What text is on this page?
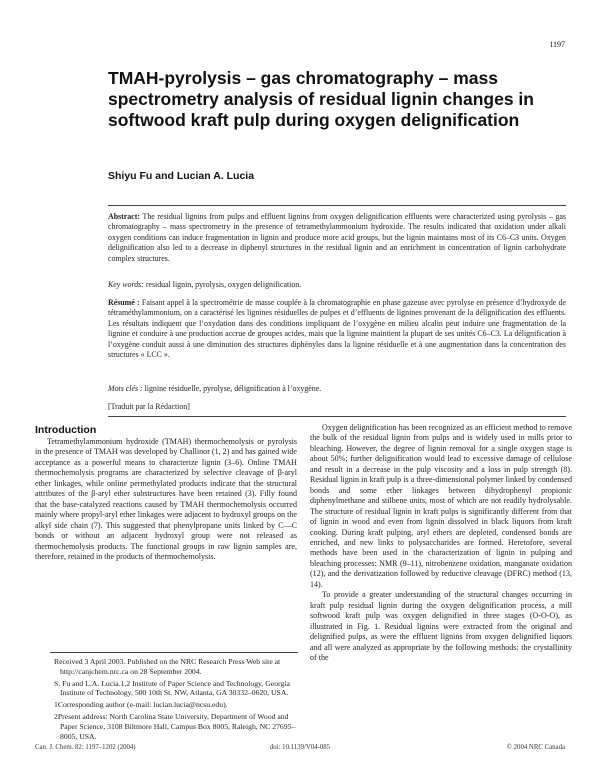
1197
TMAH-pyrolysis – gas chromatography – mass spectrometry analysis of residual lignin changes in softwood kraft pulp during oxygen delignification
Shiyu Fu and Lucian A. Lucia
Abstract: The residual lignins from pulps and effluent lignins from oxygen delignification effluents were characterized using pyrolysis – gas chromatography – mass spectrometry in the presence of tetramethylammonium hydroxide. The results indicated that oxidation under alkali oxygen conditions can induce fragmentation in lignin and produce more acid groups, but the lignin maintains most of its C6–C3 units. Oxygen delignification also led to a decrease in diphenyl structures in the residual lignin and an enrichment in concentration of lignin carbohydrate complex structures.
Key words: residual lignin, pyrolysis, oxygen delignification.
Résumé : Faisant appel à la spectrométrie de masse couplée à la chromatographie en phase gazeuse avec pyrolyse en présence d’hydroxyde de tétraméthylammonium, on a caractérisé les lignines résiduelles de pulpes et d’effluents de lignines provenant de la délignification des effluents. Les résultats indiquent que l’oxydation dans des conditions impliquant de l’oxygène en milieu alcalin peut induire une fragmentation de la lignine et conduire à une production accrue de groupes acides, mais que la lignine maintient la plupart de ses unités C6–C3. La délignification à l’oxygène conduit aussi à une diminution des structures diphényles dans la lignine résiduelle et à une augmentation dans la concentration des structures « LCC ».
Mots clés : lignine résiduelle, pyrolyse, délignification à l’oxygène.
[Traduit par la Rédaction]
Introduction

Tetramethylammonium hydroxide (TMAH) thermochemolysis or pyrolysis in the presence of TMAH was developed by Challinor (1, 2) and has gained wide acceptance as a powerful means to characterize lignin (3–6). Online TMAH thermochemolysis programs are characterized by selective cleavage of β-aryl ether linkages, while online permethylated products indicate that the structural attributes of the β-aryl ether substructures have been retained (3). Filly found that the base-catalyzed reactions caused by TMAH thermochemolysis occurred mainly where propyl-aryl ether linkages were adjacent to hydroxyl groups on the alkyl side chain (7). This suggested that phenylpropane units linked by C—C bonds or without an adjacent hydroxyl group were not released as thermochemolysis products. The functional groups in raw lignin samples are, therefore, retained in the products of thermochemolysis.

Oxygen delignification has been recognized as an efficient method to remove the bulk of the residual lignin from pulps and is widely used in mills prior to bleaching. However, the degree of lignin removal for a single oxygen stage is about 50%; further delignification would lead to excessive damage of cellulose and result in a decrease in the pulp viscosity and a loss in pulp strength (8). Residual lignin in kraft pulp is a three-dimensional polymer linked by condensed bonds and some ether linkages between dihydrophenyl propionic diphenylmethane and stilbene units, most of which are not readily hydrolysable. The structure of residual lignin in kraft pulps is significantly different from that of lignin in wood and even from lignin dissolved in black liquors from kraft cooking. During kraft pulping, aryl ethers are depleted, condensed bonds are enriched, and new links to polysaccharides are formed. Heretofore, several methods have been used in the characterization of lignin in pulping and bleaching processes: NMR (9–11), nitrobenzene oxidation, manganate oxidation (12), and the derivatization followed by reductive cleavage (DFRC) method (13, 14).

To provide a greater understanding of the structural changes occurring in kraft pulp residual lignin during the oxygen delignification process, a mill softwood kraft pulp was oxygen delignified in three stages (O-O-O), as illustrated in Fig. 1. Residual lignins were extracted from the original and delignified pulps, as were the effluent lignins from oxygen delignified liquors and all were analyzed as appropriate by the following methods: the crystallinity of the

Received 3 April 2003. Published on the NRC Research Press Web site at http://canjchem.nrc.ca on 28 September 2004.

S. Fu and L.A. Lucia.1,2 Institute of Paper Science and Technology, Georgia Institute of Technology, 500 10th St. NW, Atlanta, GA 30332–0620, USA.

1Corresponding author (e-mail: lucian.lucia@ncsu.edu).

2Present address: North Carolina State University, Department of Wood and Paper Science, 3108 Biltmore Hall, Campus Box 8005, Raleigh, NC 27695–8005, USA.

Can. J. Chem. 82: 1197–1202 (2004)	doi: 10.1139/V04-085	© 2004 NRC Canada
